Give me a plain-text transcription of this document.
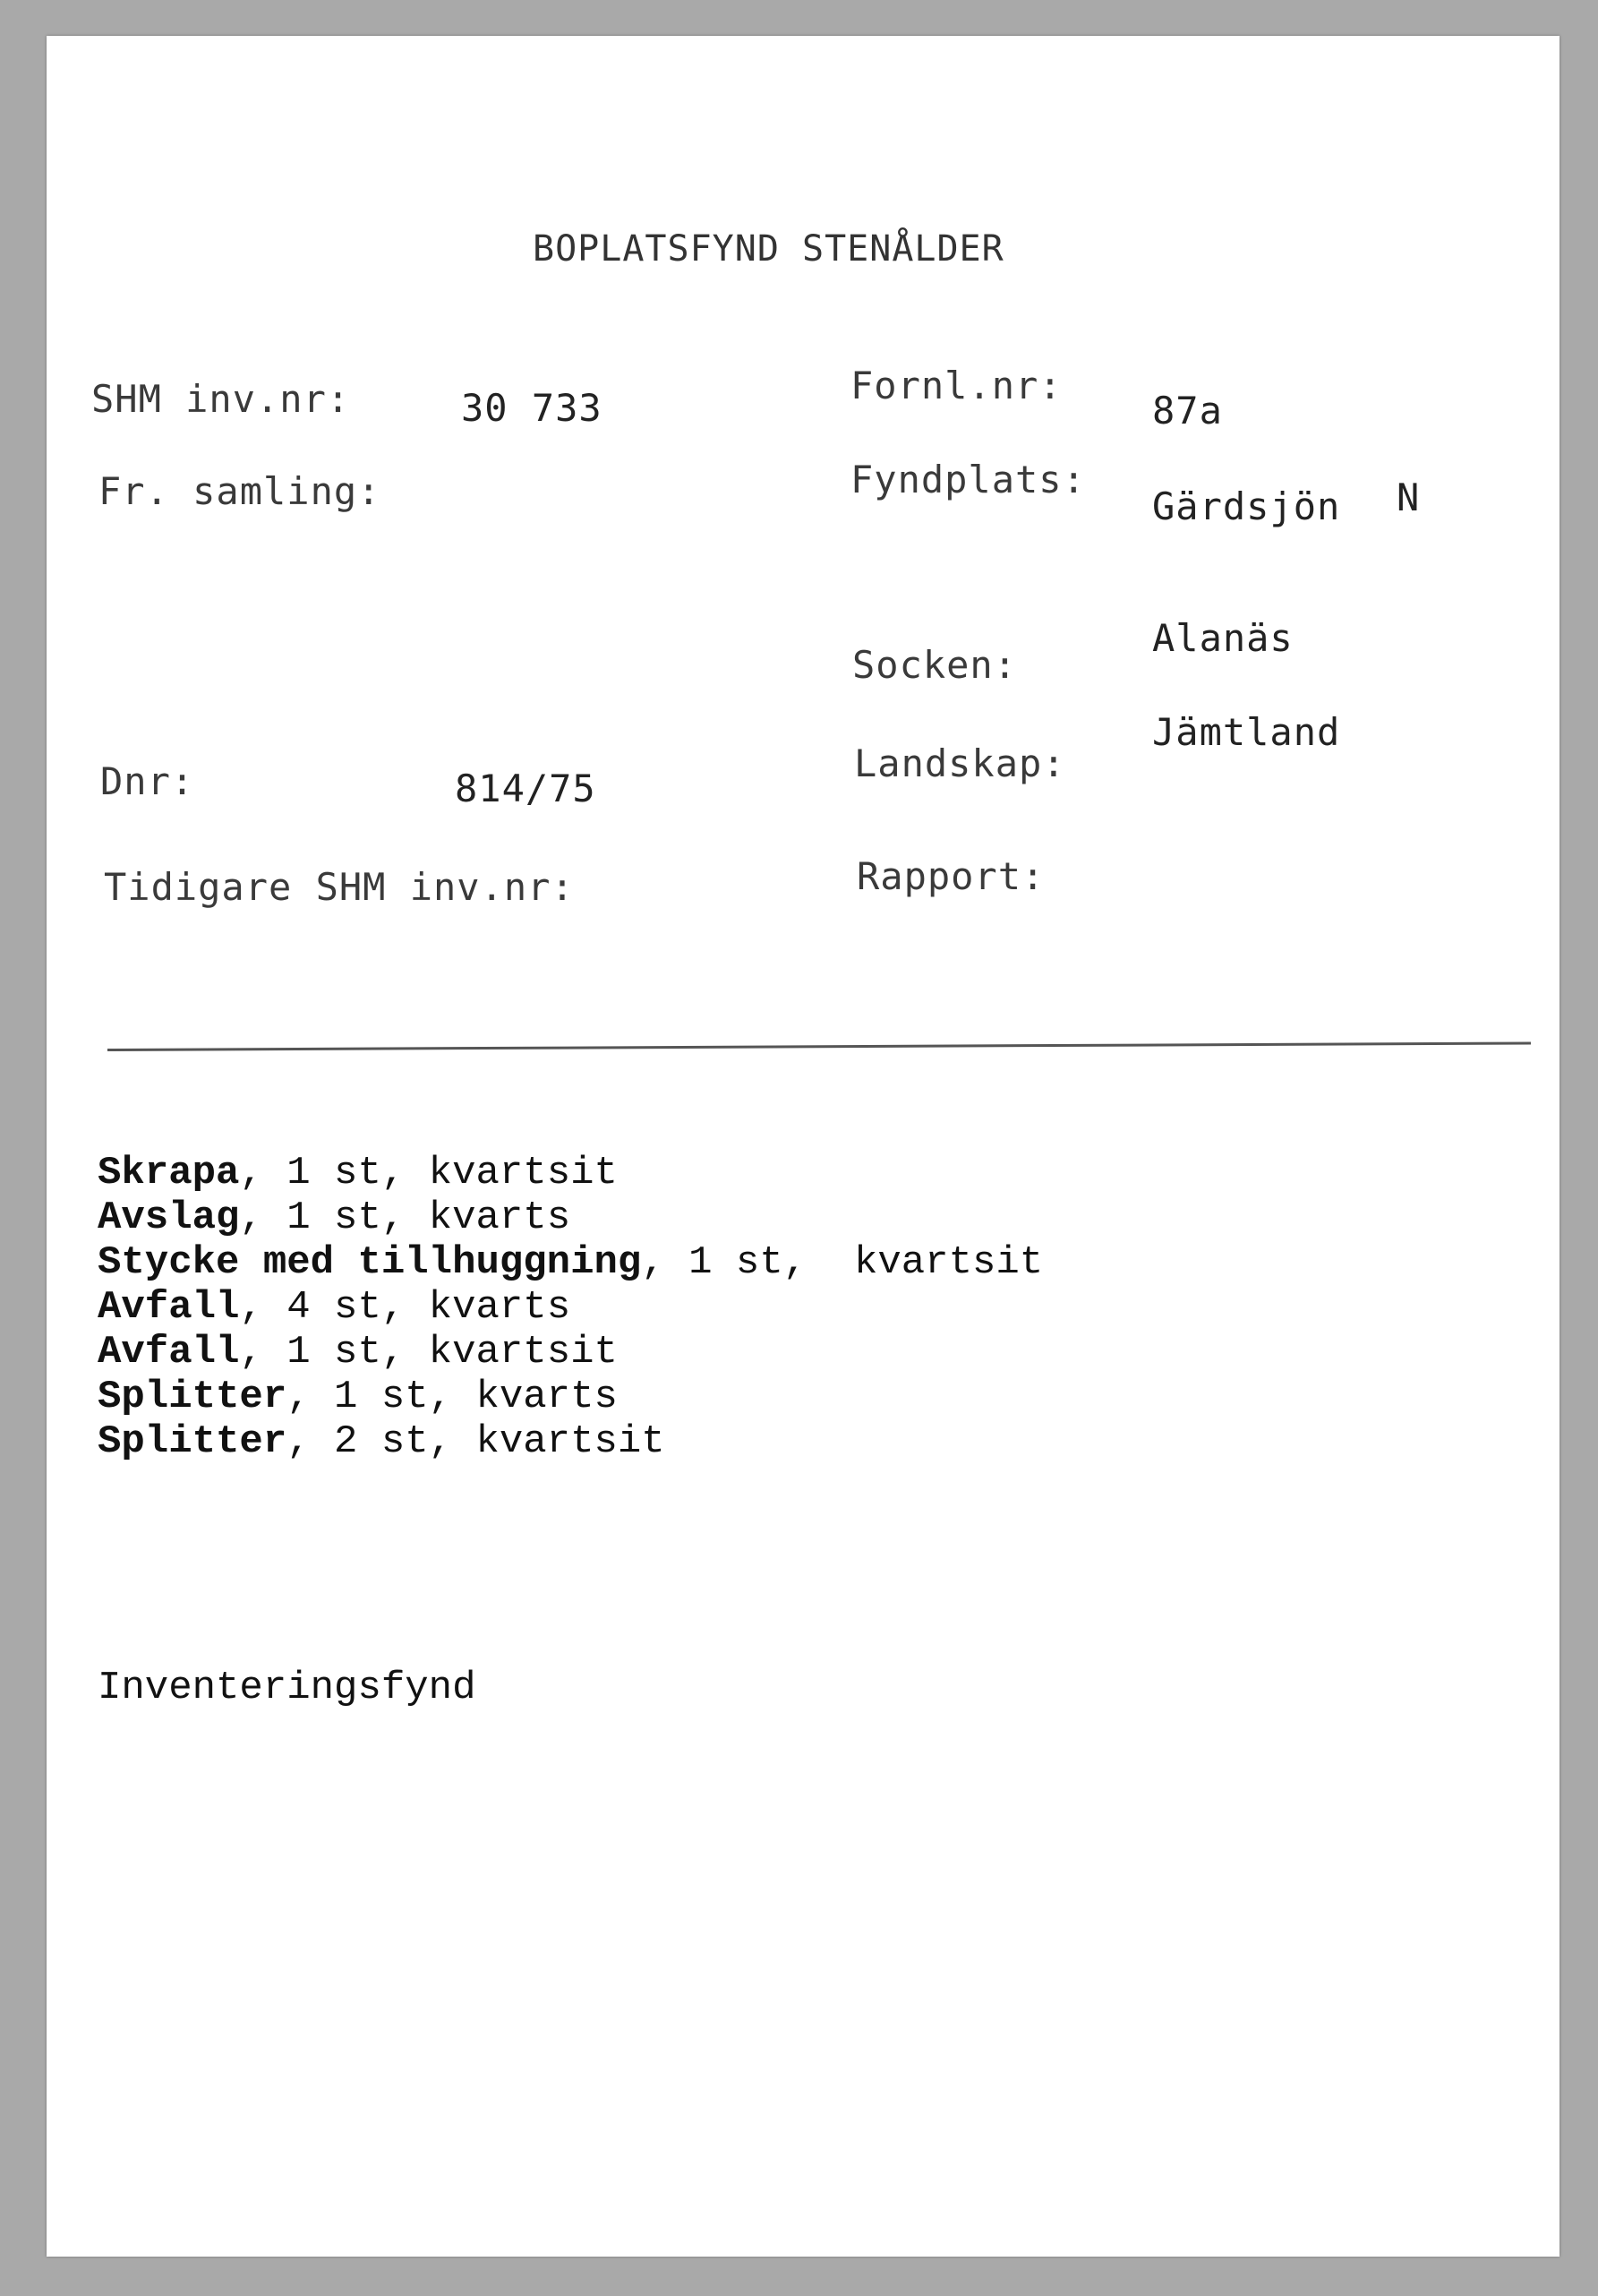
BOPLATSFYND STENÅLDER
SHM inv.nr:	30 733
Fr. samling:
Dnr:	814/75
Tidigare SHM inv.nr:
Fornl.nr:
87a
Fyndplats:
Gärdsjön N
Socken:
Alanäs
Landskap:
Jämtland
Rapport:
Skrapa, 1 st, kvartsit
Avslag, 1 st, kvarts
Stycke med tillhuggning, 1 st,  kvartsit
Avfall, 4 st, kvarts
Avfall, 1 st, kvartsit
Splitter, 1 st, kvarts
Splitter, 2 st, kvartsit
Inventeringsfynd
